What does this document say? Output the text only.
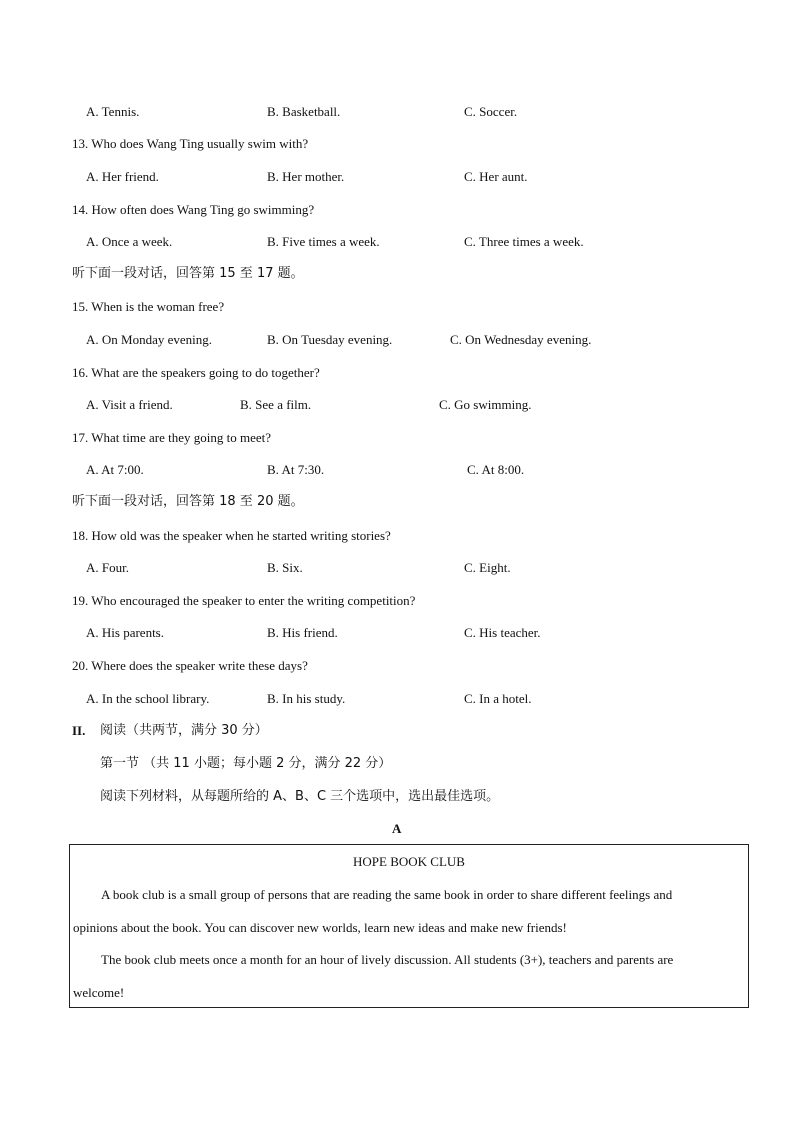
A. Tennis.	B. Basketball.	C. Soccer.
13. Who does Wang Ting usually swim with?
A. Her friend.	B. Her mother.	C. Her aunt.
14. How often does Wang Ting go swimming?
A. Once a week.	B. Five times a week.	C. Three times a week.
听下面一段对话，回答第 15 至 17 题。
15. When is the woman free?
A. On Monday evening.	B. On Tuesday evening.	C. On Wednesday evening.
16. What are the speakers going to do together?
A. Visit a friend.	B. See a film.	C. Go swimming.
17. What time are they going to meet?
A. At 7:00.	B. At 7:30.	C. At 8:00.
听下面一段对话，回答第 18 至 20 题。
18. How old was the speaker when he started writing stories?
A. Four.	B. Six.	C. Eight.
19. Who encouraged the speaker to enter the writing competition?
A. His parents.	B. His friend.	C. His teacher.
20. Where does the speaker write these days?
A. In the school library.	B. In his study.	C. In a hotel.
II. 阅读（共两节，满分 30 分）
第一节 （共 11 小题；每小题 2 分，满分 22 分）
阅读下列材料，从每题所给的 A、B、C 三个选项中，选出最佳选项。
A
HOPE BOOK CLUB
A book club is a small group of persons that are reading the same book in order to share different feelings and
opinions about the book. You can discover new worlds, learn new ideas and make new friends!
The book club meets once a month for an hour of lively discussion. All students (3+), teachers and parents are
welcome!
